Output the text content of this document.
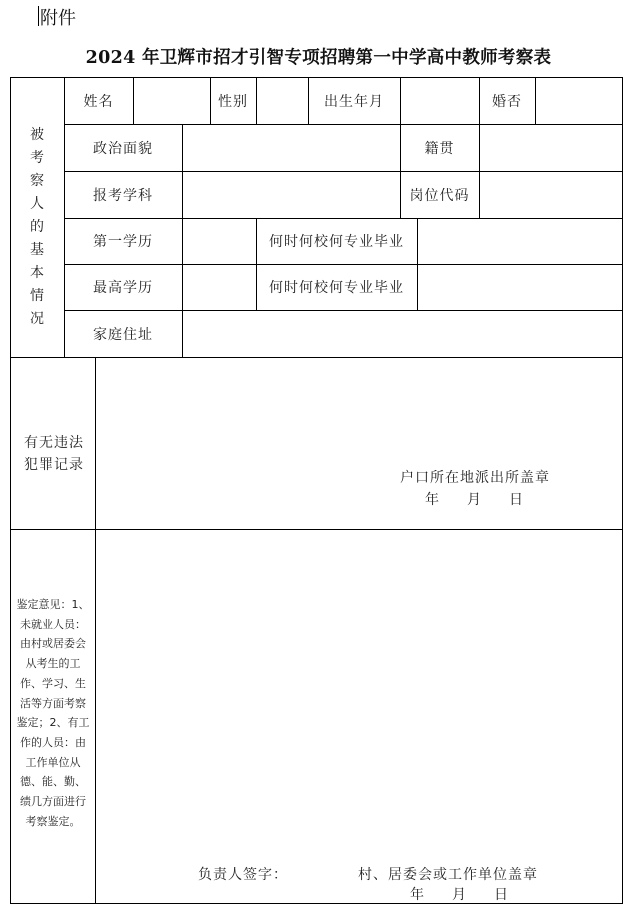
附件
2024 年卫辉市招才引智专项招聘第一中学高中教师考察表
被
考
察
人
的
基
本
情
况
姓名	性别	出生年月	婚否
政治面貌	籍贯
报考学科	岗位代码
第一学历	何时何校何专业毕业
最高学历	何时何校何专业毕业
家庭住址
有无违法
犯罪记录
户口所在地派出所盖章
年 月 日
鉴定意见：1、
未就业人员：
由村或居委会
从考生的工
作、学习、生
活等方面考察
鉴定；2、有工
作的人员：由
工作单位从
德、能、勤、
绩几方面进行
考察鉴定。
负责人签字：	村、居委会或工作单位盖章
年 月 日
